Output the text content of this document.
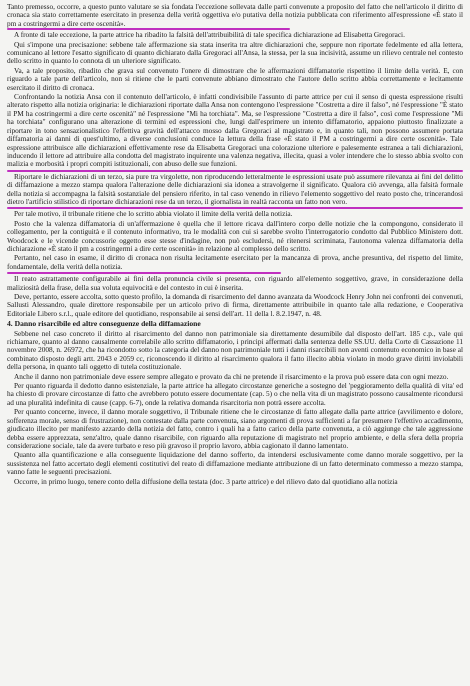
Tanto premesso, occorre, a questo punto valutare se sia fondata l'eccezione sollevata dalle parti convenute a proposito del fatto che nell'articolo il diritto di cronaca sia stato correttamente esercitato in presenza della verità oggettiva e/o putativa della notizia pubblicata con riferimento all'espressione «È stato il pm a costringermi a dire certe oscenità».

A fronte di tale eccezione, la parte attrice ha ribadito la falsità dell'attribuibilità di tale specifica dichiarazione ad Elisabetta Gregoraci.

Qui s'impone una precisazione: sebbene tale affermazione sia stata inserita tra altre dichiarazioni che, seppure non riportate fedelmente ed alla lettera, comunicano al lettore l'esatto significato di quanto dichiarato dalla Gregoraci all'Ansa, la stessa, per la sua incisività, assume un rilievo centrale nel contesto dello scritto in quanto lo connota di un ulteriore significato.

Va, a tale proposito, ribadito che grava sul convenuto l'onere di dimostrare che le affermazioni diffamatorie rispettino il limite della verità. E, con riguardo a tale parte dell'articolo, non si ritiene che le parti convenute abbiano dimostrato che l'autore dello scritto abbia correttamente e lecitamente esercitato il diritto di cronaca.

Confrontando la notizia Ansa con il contenuto dell'articolo, è infatti condivisibile l'assunto di parte attrice per cui il senso di questa espressione risulti alterato rispetto alla notizia originaria: le dichiarazioni riportate dalla Ansa non contengono l'espressione "Costretta a dire il falso", né l'espressione "È stato il PM ha costringermi a dire certe oscenità" né l'espressione "Mi ha torchiata". Ma, se l'espressione "Costretta a dire il falso", così come l'espressione "Mi ha torchiata" configurano una alterazione di termini ed espressioni che, lungi dall'esprimere un intento diffamatorio, appaiono piuttosto finalizzate a riportare in tono sensazionalistico l'effettiva gravità dell'attacco mosso dalla Gregoraci al magistrato e, in quanto tali, non possono assumere portata diffamatoria ai danni di quest'ultimo, a diverse conclusioni conduce la lettura della frase «È stato il PM a costringermi a dire certe oscenità». Tale espressione attribuisce alle dichiarazioni effettivamente rese da Elisabetta Gregoraci una colorazione ulteriore e palesemente estranea a tali dichiarazioni, inducendo il lettore ad attribuire alla condotta del magistrato inquirente una valenza negativa, illecita, quasi a voler intendere che lo stesso abbia svolto con malizia e morbosità i propri compiti istituzionali, con abuso delle sue funzioni.

Riportare le dichiarazioni di un terzo, sia pure tra virgolette, non riproducendo letteralmente le espressioni usate può assumere rilevanza ai fini del delitto di diffamazione a mezzo stampa qualora l'alterazione delle dichiarazioni sia idonea a stravolgerne il significato. Qualora ciò avvenga, alla falsità formale della notizia si accompagna la falsità sostanziale del pensiero riferito, in tal caso venendo in rilievo l'elemento soggettivo del reato posto che, trincerandosi dietro l'artificio stilistico di riportare dichiarazioni rese da un terzo, il giornalista in realtà racconta un fatto non vero.

Per tale motivo, il tribunale ritiene che lo scritto abbia violato il limite della verità della notizia.

Posto che la valenza diffamatoria di un'affermazione è quella che il lettore ricava dall'intero corpo delle notizie che la compongono, considerato il collegamento, per la contiguità e il contenuto informativo, tra le modalità con cui si sarebbe svolto l'interrogatorio condotto dal Pubblico Ministero dott. Woodcock e le vicende concussorie oggetto esse stesse d'indagine, non può escludersi, né ritenersi scriminata, l'autonoma valenza diffamatoria della dichiarazione «È stato il pm a costringermi a dire certe oscenità» in relazione al complesso dello scritto.

Pertanto, nel caso in esame, il diritto di cronaca non risulta lecitamente esercitato per la mancanza di prova, anche presuntiva, del rispetto del limite, fondamentale, della verità della notizia.

Il reato astrattamente configurabile ai fini della pronuncia civile si presenta, con riguardo all'elemento soggettivo, grave, in considerazione della maliziosità della frase, della sua voluta equivocità e del contesto in cui è inserita.

Deve, pertanto, essere accolta, sotto questo profilo, la domanda di risarcimento del danno avanzata da Woodcock Henry John nei confronti dei convenuti, Sallusti Alessandro, quale direttore responsabile per un articolo privo di firma, direttamente attribuibile in quanto tale alla redazione, e Cooperativa Editoriale Libero s.r.l., quale editore del quotidiano, responsabile ai sensi dell'art. 11 della l. 8.2.1947, n. 48.

4. Danno risarcibile ed altre conseguenze della diffamazione

Sebbene nel caso concreto il diritto al risarcimento del danno non patrimoniale sia direttamente desumibile dal disposto dell'art. 185 c.p., vale qui richiamare, quanto al danno causalmente correlabile allo scritto diffamatorio, i principi affermati dalla sentenza delle SS.UU. della Corte di Cassazione 11 novembre 2008, n. 26972, che ha ricondotto sotto la categoria del danno non patrimoniale tutti i danni risarcibili non aventi contenuto economico in base al combinato disposto degli artt. 2043 e 2059 cc, riconoscendo il diritto al risarcimento qualora il fatto illecito abbia violato in modo grave diritti inviolabili della persona, in quanto tali oggetto di tutela costituzionale.

Anche il danno non patrimoniale deve essere sempre allegato e provato da chi ne pretende il risarcimento e la prova può essere data con ogni mezzo.

Per quanto riguarda il dedotto danno esistenziale, la parte attrice ha allegato circostanze generiche a sostegno del 'peggioramento della qualità di vita' ed ha chiesto di provare circostanze di fatto che avrebbero potuto essere documentate (cap. 5) o che nella vita di un magistrato possono causalmente ricondursi ad una pluralità indefinita di cause (capp. 6-7), onde la relativa domanda risarcitoria non potrà essere accolta.

Per quanto concerne, invece, il danno morale soggettivo, il Tribunale ritiene che le circostanze di fatto allegate dalla parte attrice (avvilimento e dolore, sofferenza morale, senso di frustrazione), non contestate dalla parte convenuta, siano argomenti di prova sufficienti a far presumere l'effettivo accadimento, giudicato illecito per manifesto azzardo della notizia del fatto, contro i quali ha a fatto carico della parte convenuta, a ciò aggiunge che tale aggressione debba essere apprezzata, senz'altro, quale danno risarcibile, con riguardo alla reputazione di magistrato nel proprio ambiente, e della sfera della propria considerazione sociale, tale da avere turbato e reso più gravoso il proprio lavoro, abbia cagionato il danno lamentato.

Quanto alla quantificazione e alla conseguente liquidazione del danno sofferto, da intendersi esclusivamente come danno morale soggettivo, per la sussistenza nel fatto accertato degli elementi costitutivi del reato di diffamazione mediante attribuzione di un fatto determinato commesso a mezzo stampa, vanno fatte le seguenti precisazioni.

Occorre, in primo luogo, tenere conto della diffusione della testata (doc. 3 parte attrice) e del rilievo dato dal quotidiano alla notizia
